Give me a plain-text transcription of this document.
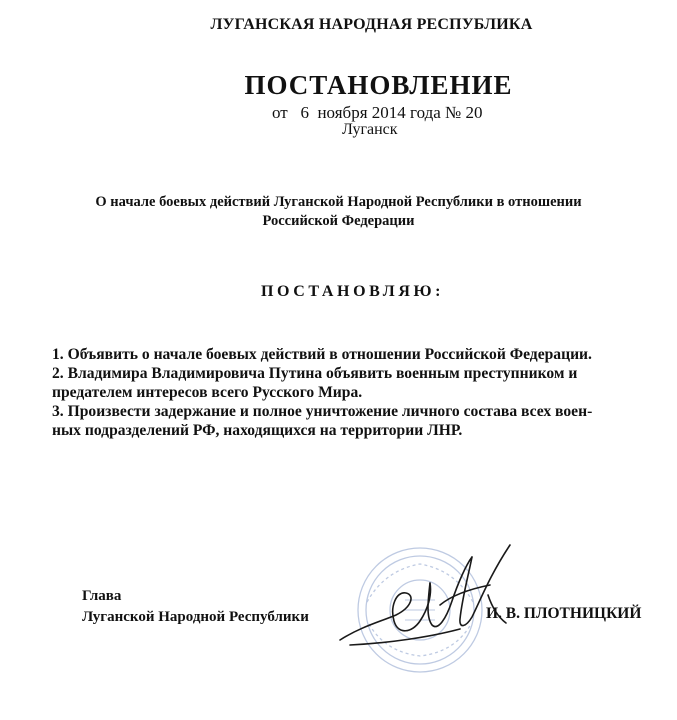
ЛУГАНСКАЯ НАРОДНАЯ РЕСПУБЛИКА
ПОСТАНОВЛЕНИЕ
от   6  ноября 2014 года № 20
Луганск
О начале боевых действий Луганской Народной Республики в отношении
Российской Федерации
ПОСТАНОВЛЯЮ:
1. Объявить о начале боевых действий в отношении Российской Федерации.
2. Владимира Владимировича Путина объявить военным преступником и
предателем интересов всего Русского Мира.
3. Произвести задержание и полное уничтожение личного состава всех воен-
ных подразделений РФ, находящихся на территории ЛНР.
Глава
Луганской Народной Республики	И. В. ПЛОТНИЦКИЙ
